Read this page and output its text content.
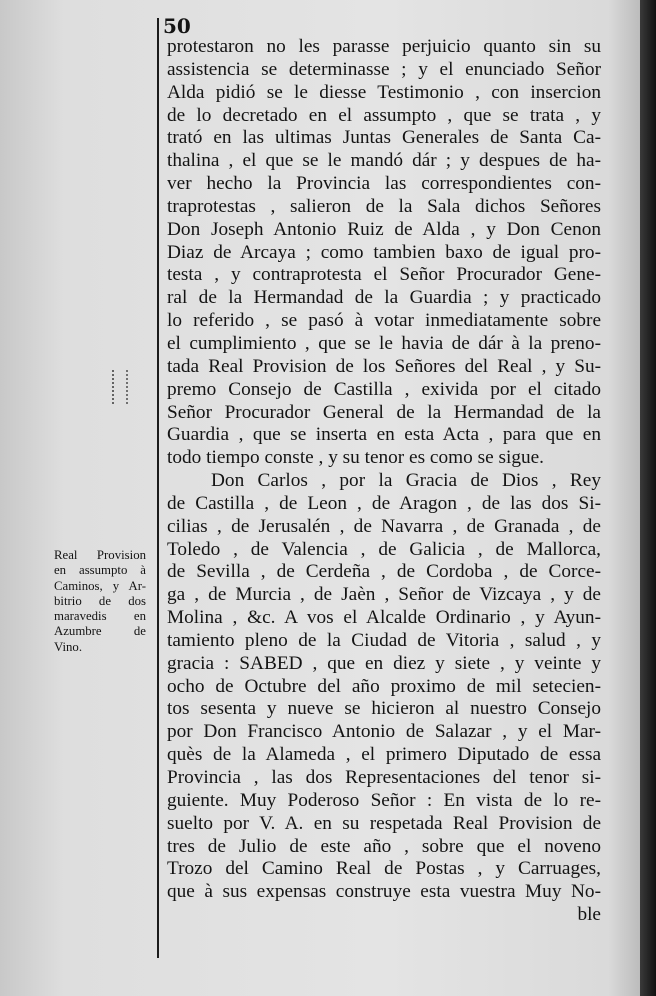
50
protestaron no les parasse perjuicio quanto sin su
assistencia se determinasse ; y el enunciado Señor
Alda pidió se le diesse Testimonio , con insercion
de lo decretado en el assumpto , que se trata , y
trató en las ultimas Juntas Generales de Santa Ca-
thalina , el que se le mandó dár ; y despues de ha-
ver hecho la Provincia las correspondientes con-
traprotestas , salieron de la Sala dichos Señores
Don Joseph Antonio Ruiz de Alda , y Don Cenon
Diaz de Arcaya ; como tambien baxo de igual pro-
testa , y contraprotesta el Señor Procurador Gene-
ral de la Hermandad de la Guardia ; y practicado
lo referido , se pasó à votar inmediatamente sobre
el cumplimiento , que se le havia de dár à la preno-
tada Real Provision de los Señores del Real , y Su-
premo Consejo de Castilla , exivida por el citado
Señor Procurador General de la Hermandad de la
Guardia , que se inserta en esta Acta , para que en
todo tiempo conste , y su tenor es como se sigue.
Don Carlos , por la Gracia de Dios , Rey
de Castilla , de Leon , de Aragon , de las dos Si-
cilias , de Jerusalén , de Navarra , de Granada , de
Toledo , de Valencia , de Galicia , de Mallorca,
de Sevilla , de Cerdeña , de Cordoba , de Corce-
ga , de Murcia , de Jaèn , Señor de Vizcaya , y de
Molina , &c. A vos el Alcalde Ordinario , y Ayun-
tamiento pleno de la Ciudad de Vitoria , salud , y
gracia : SABED , que en diez y siete , y veinte y
ocho de Octubre del año proximo de mil setecien-
tos sesenta y nueve se hicieron al nuestro Consejo
por Don Francisco Antonio de Salazar , y el Mar-
quès de la Alameda , el primero Diputado de essa
Provincia , las dos Representaciones del tenor si-
guiente. Muy Poderoso Señor : En vista de lo re-
suelto por V. A. en su respetada Real Provision de
tres de Julio de este año , sobre que el noveno
Trozo del Camino Real de Postas , y Carruages,
que à sus expensas construye esta vuestra Muy No-
ble
Real Provision
en assumpto à
Caminos, y Ar-
bitrio de dos
maravedis en
Azumbre de
Vino.
